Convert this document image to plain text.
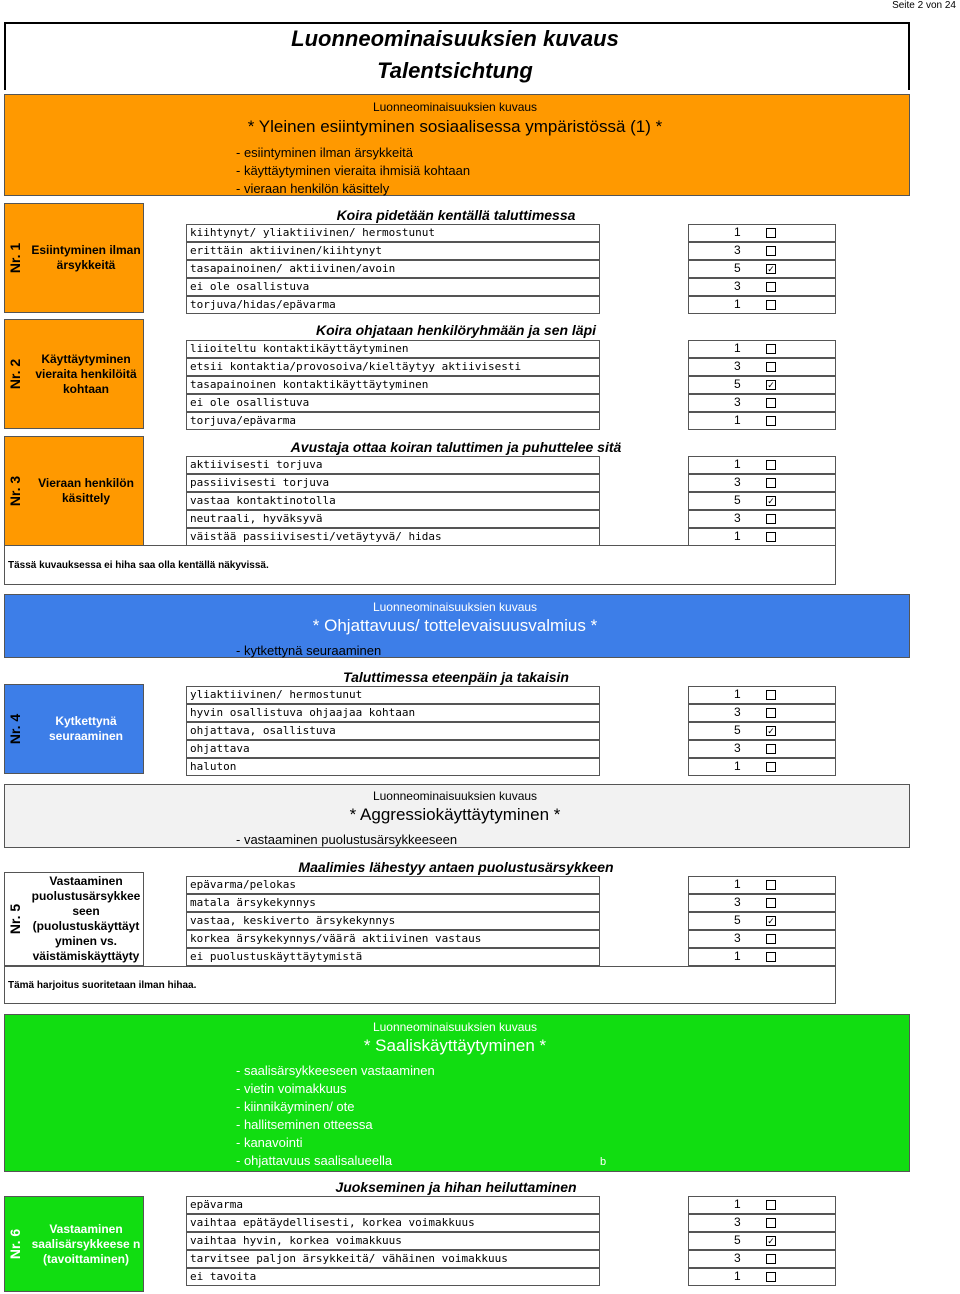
Seite 2 von 24
Luonneominaisuuksien kuvaus
Talentsichtung
Luonneominaisuuksien kuvaus
* Yleinen esiintyminen sosiaalisessa ympäristössä (1) *
- esiintyminen ilman ärsykkeitä
- käyttäytyminen vieraita ihmisiä kohtaan
- vieraan henkilön käsittely
Nr. 1 Esiintyminen ilman ärsykkeitä
Koira pidetään kentällä taluttimessa
kiihtynyt/ yliaktiivinen/ hermostunut	1
erittäin aktiivinen/kiihtynyt	3
tasapainoinen/ aktiivinen/avoin	5	✓
ei ole osallistuva	3
torjuva/hidas/epävarma	1
Nr. 2
Käyttäytyminen vieraita henkilöitä kohtaan
Koira ohjataan henkilöryhmään ja sen läpi
liioiteltu kontaktikäyttäytyminen	1
etsii kontaktia/provosoiva/kieltäytyy aktiivisesti	3
tasapainoinen kontaktikäyttäytyminen	5	✓
ei ole osallistuva	3
torjuva/epävarma	1
Nr. 3	Vieraan henkilön käsittely
Avustaja ottaa koiran taluttimen ja puhuttelee sitä
aktiivisesti torjuva	1
passiivisesti torjuva	3
vastaa kontaktinotolla	5	✓
neutraali, hyväksyvä	3
väistää passiivisesti/vetäytyvä/ hidas	1
Tässä kuvauksessa ei hiha saa olla kentällä näkyvissä.
Luonneominaisuuksien kuvaus
* Ohjattavuus/ tottelevaisuusvalmius *
- kytkettynä seuraaminen
Nr. 4	Kytkettynä seuraaminen
Taluttimessa eteenpäin ja takaisin
yliaktiivinen/ hermostunut	1
hyvin osallistuva ohjaajaa kohtaan	3
ohjattava, osallistuva	5	✓
ohjattava	3
haluton	1
Luonneominaisuuksien kuvaus
* Aggressiokäyttäytyminen *
- vastaaminen puolustusärsykkeeseen
Nr. 5
Vastaaminen puolustusärsykkee seen (puolustuskäyttäyt yminen vs. väistämiskäyttäyty
Maalimies lähestyy antaen puolustusärsykkeen
epävarma/pelokas	1
matala ärsykekynnys	3
vastaa, keskiverto ärsykekynnys	5	✓
korkea ärsykekynnys/väärä aktiivinen vastaus	3
ei puolustuskäyttäytymistä	1
Tämä harjoitus suoritetaan ilman hihaa.
Luonneominaisuuksien kuvaus
* Saaliskäyttäytyminen *
- saalisärsykkeeseen vastaaminen
- vietin voimakkuus
- kiinnikäyminen/ ote
- hallitseminen otteessa
- kanavointi
- ohjattavuus saalisalueella	b
Nr. 6
Vastaaminen saalisärsykkeese n (tavoittaminen)
Juokseminen ja hihan heiluttaminen
epävarma	1
vaihtaa epätäydellisesti, korkea voimakkuus	3
vaihtaa hyvin, korkea voimakkuus	5	✓
tarvitsee paljon ärsykkeitä/ vähäinen voimakkuus	3
ei tavoita	1
